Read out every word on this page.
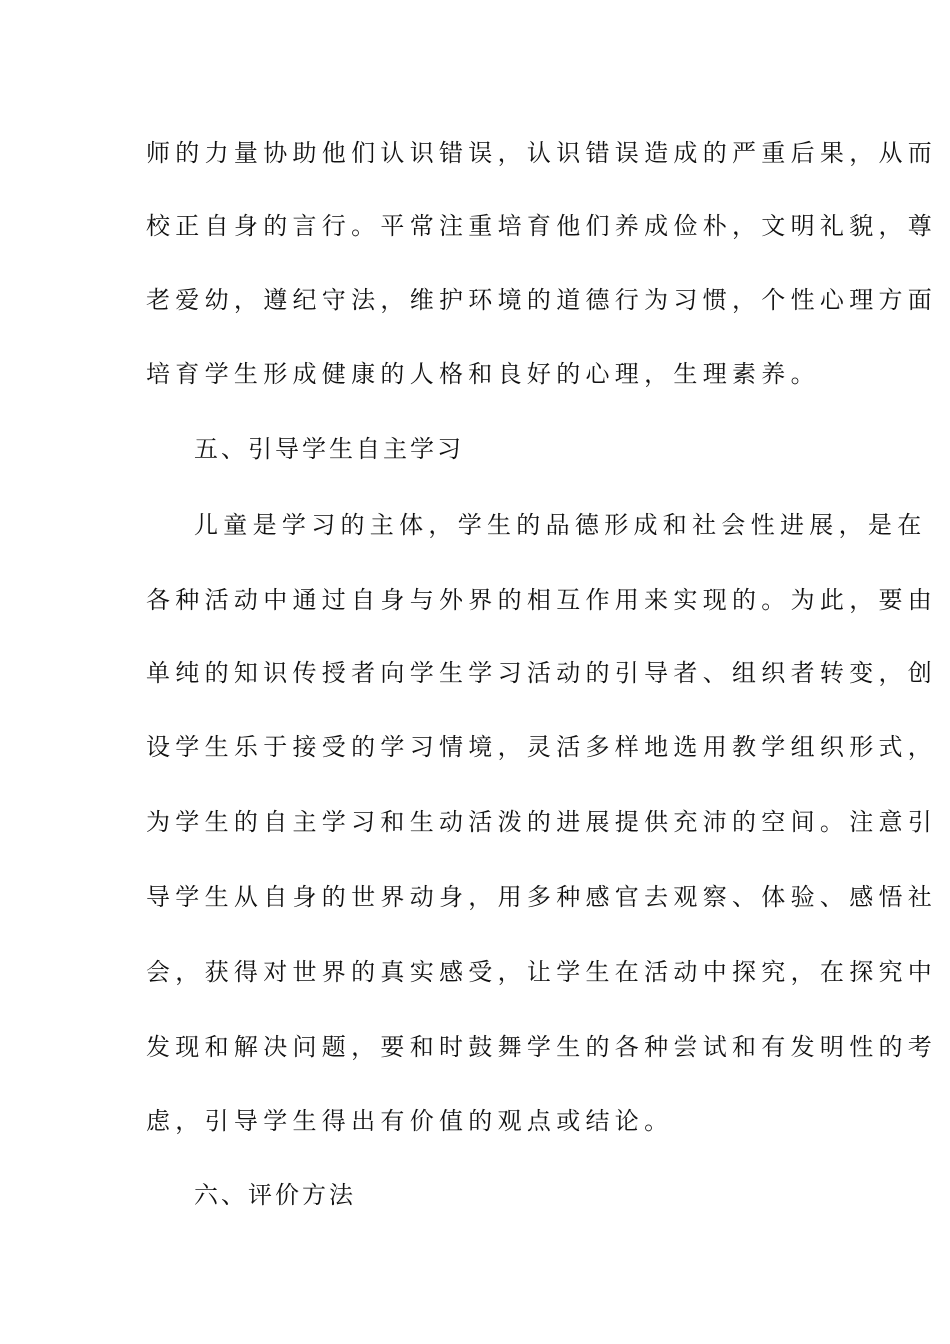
师的力量协助他们认识错误，认识错误造成的严重后果，从而
校正自身的言行。平常注重培育他们养成俭朴，文明礼貌，尊
老爱幼，遵纪守法，维护环境的道德行为习惯，个性心理方面
培育学生形成健康的人格和良好的心理，生理素养。
五、引导学生自主学习
儿童是学习的主体，学生的品德形成和社会性进展，是在
各种活动中通过自身与外界的相互作用来实现的。为此，要由
单纯的知识传授者向学生学习活动的引导者、组织者转变，创
设学生乐于接受的学习情境，灵活多样地选用教学组织形式，
为学生的自主学习和生动活泼的进展提供充沛的空间。注意引
导学生从自身的世界动身，用多种感官去观察、体验、感悟社
会，获得对世界的真实感受，让学生在活动中探究，在探究中
发现和解决问题，要和时鼓舞学生的各种尝试和有发明性的考
虑，引导学生得出有价值的观点或结论。
六、评价方法
